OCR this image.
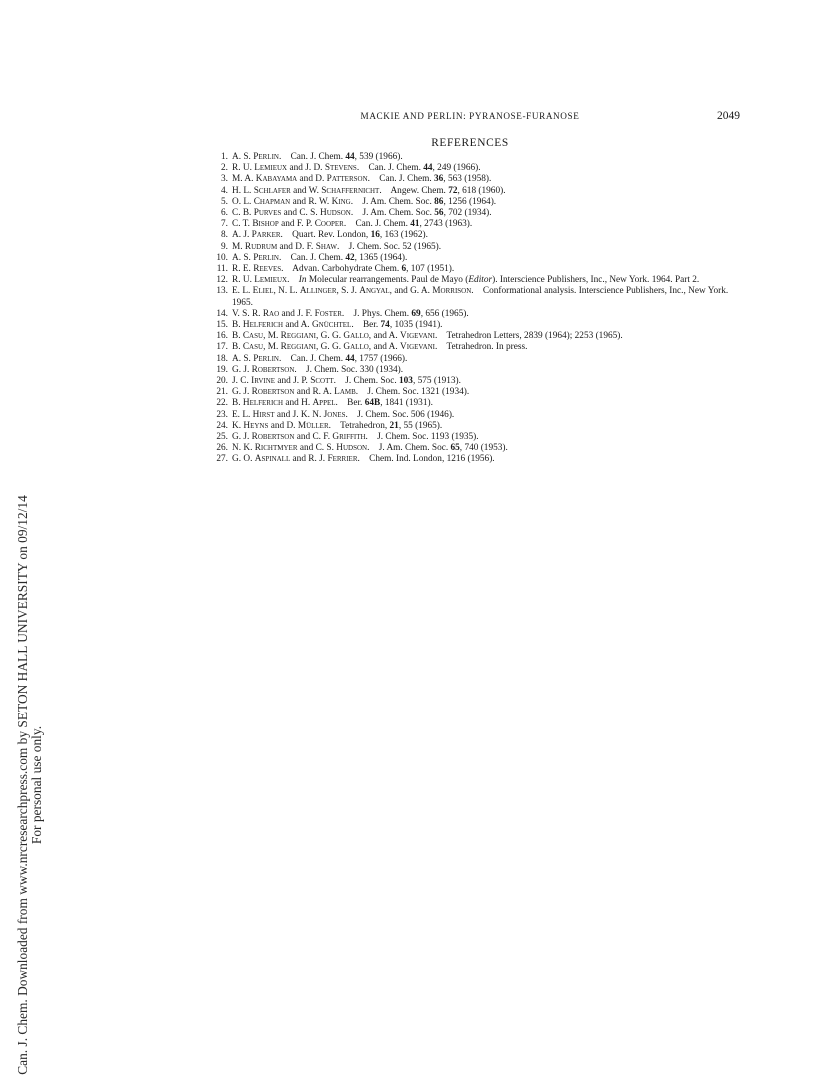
Can. J. Chem. Downloaded from www.nrcresearchpress.com by SETON HALL UNIVERSITY on 09/12/14 For personal use only.
MACKIE AND PERLIN: PYRANOSE-FURANOSE	2049
REFERENCES
1. A. S. Perlin.    Can. J. Chem. 44, 539 (1966).
2. R. U. Lemieux and J. D. Stevens.    Can. J. Chem. 44, 249 (1966).
3. M. A. Kabayama and D. Patterson.    Can. J. Chem. 36, 563 (1958).
4. H. L. Schlafer and W. Schaffernicht.    Angew. Chem. 72, 618 (1960).
5. O. L. Chapman and R. W. King.    J. Am. Chem. Soc. 86, 1256 (1964).
6. C. B. Purves and C. S. Hudson.    J. Am. Chem. Soc. 56, 702 (1934).
7. C. T. Bishop and F. P. Cooper.    Can. J. Chem. 41, 2743 (1963).
8. A. J. Parker.    Quart. Rev. London, 16, 163 (1962).
9. M. Rudrum and D. F. Shaw.    J. Chem. Soc. 52 (1965).
10. A. S. Perlin.    Can. J. Chem. 42, 1365 (1964).
11. R. E. Reeves.    Advan. Carbohydrate Chem. 6, 107 (1951).
12. R. U. Lemieux.    In Molecular rearrangements. Paul de Mayo (Editor). Interscience Publishers, Inc., New York. 1964. Part 2.
13. E. L. Eliel, N. L. Allinger, S. J. Angyal, and G. A. Morrison.    Conformational analysis. Interscience Publishers, Inc., New York. 1965.
14. V. S. R. Rao and J. F. Foster.    J. Phys. Chem. 69, 656 (1965).
15. B. Helferich and A. Gnüchtel.    Ber. 74, 1035 (1941).
16. B. Casu, M. Reggiani, G. G. Gallo, and A. Vigevani.    Tetrahedron Letters, 2839 (1964); 2253 (1965).
17. B. Casu, M. Reggiani, G. G. Gallo, and A. Vigevani.    Tetrahedron. In press.
18. A. S. Perlin.    Can. J. Chem. 44, 1757 (1966).
19. G. J. Robertson.    J. Chem. Soc. 330 (1934).
20. J. C. Irvine and J. P. Scott.    J. Chem. Soc. 103, 575 (1913).
21. G. J. Robertson and R. A. Lamb.    J. Chem. Soc. 1321 (1934).
22. B. Helferich and H. Appel.    Ber. 64B, 1841 (1931).
23. E. L. Hirst and J. K. N. Jones.    J. Chem. Soc. 506 (1946).
24. K. Heyns and D. Müller.    Tetrahedron, 21, 55 (1965).
25. G. J. Robertson and C. F. Griffith.    J. Chem. Soc. 1193 (1935).
26. N. K. Richtmyer and C. S. Hudson.    J. Am. Chem. Soc. 65, 740 (1953).
27. G. O. Aspinall and R. J. Ferrier.    Chem. Ind. London, 1216 (1956).
